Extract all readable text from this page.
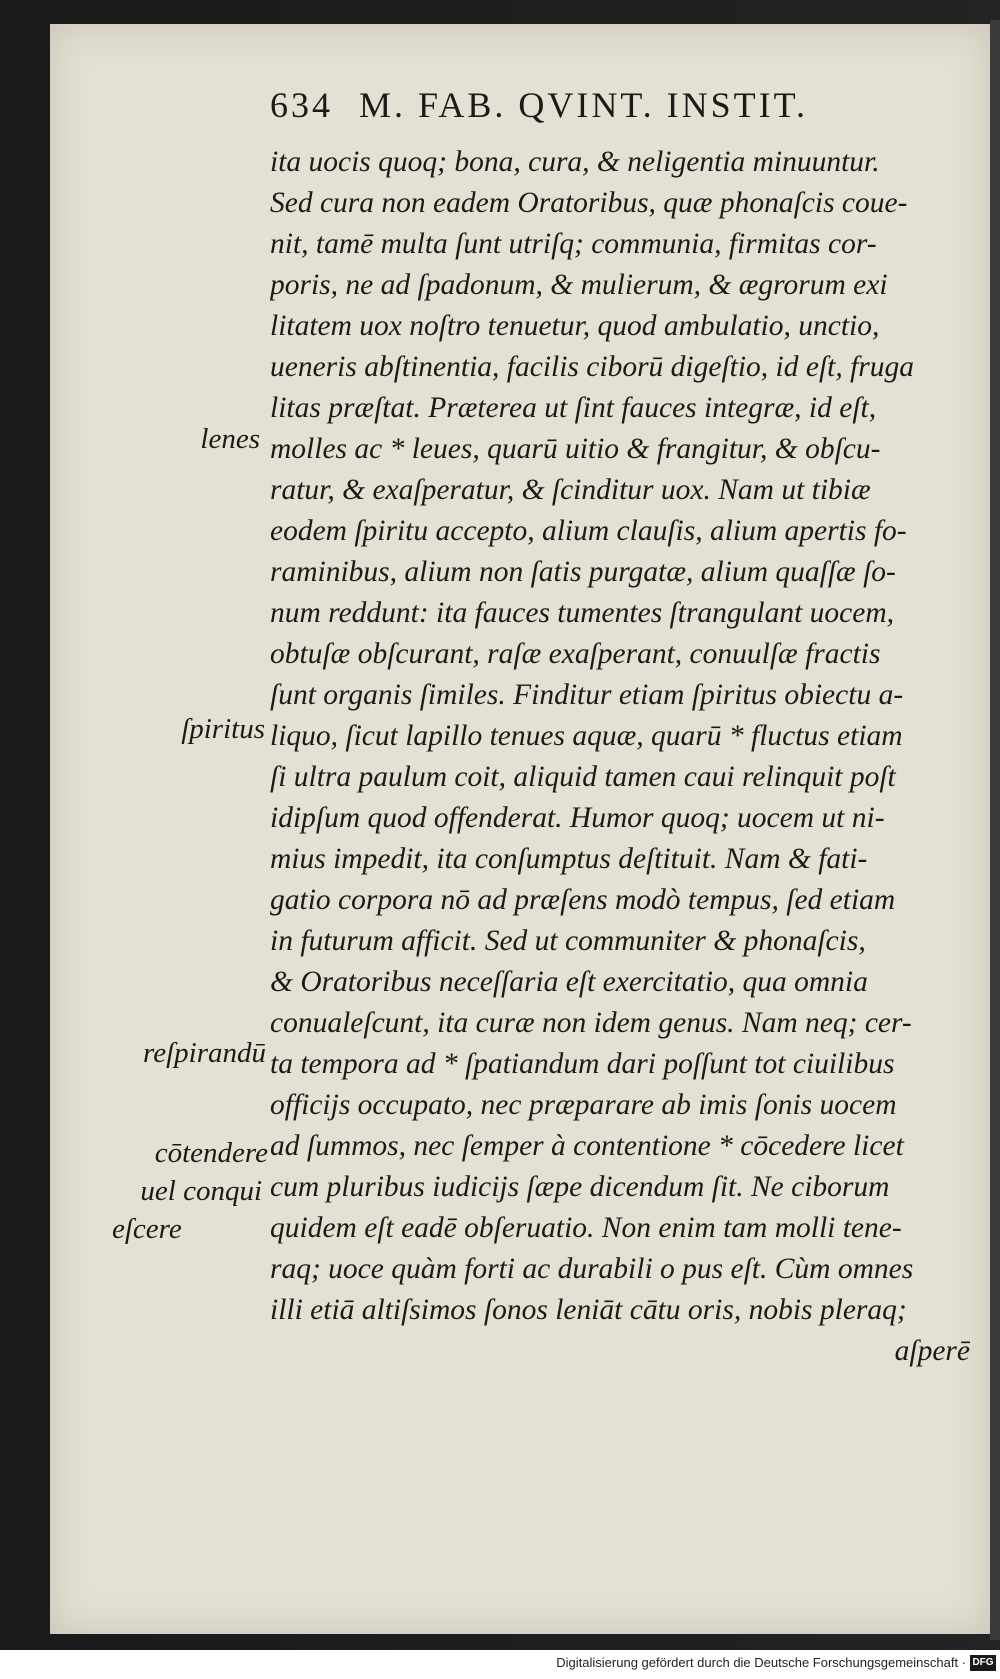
634 M. FAB. QVINT. INSTIT.
ita uocis quoq; bona, cura, & neligentia minuuntur.
Sed cura non eadem Oratoribus, quæ phonaſcis coue-
nit, tamē multa ſunt utriſq; communia, firmitas cor-
poris, ne ad ſpadonum, & mulierum, & ægrorum exi
litatem uox noſtro tenuetur, quod ambulatio, unctio,
ueneris abſtinentia, facilis ciborū digeſtio, id eſt, fruga
litas præſtat. Præterea ut ſint fauces integræ, id eſt,
molles ac * leues, quarū uitio & frangitur, & obſcu-
ratur, & exaſperatur, & ſcinditur uox. Nam ut tibiæ
eodem ſpiritu accepto, alium clauſis, alium apertis fo-
raminibus, alium non ſatis purgatæ, alium quaſſæ ſo-
num reddunt: ita fauces tumentes ſtrangulant uocem,
obtuſæ obſcurant, raſæ exaſperant, conuulſæ fractis
ſunt organis ſimiles. Finditur etiam ſpiritus obiectu a-
liquo, ſicut lapillo tenues aquæ, quarū * fluctus etiam
ſi ultra paulum coit, aliquid tamen caui relinquit poſt
idipſum quod offenderat. Humor quoq; uocem ut ni-
mius impedit, ita conſumptus deſtituit. Nam & fati-
gatio corpora nō ad præſens modò tempus, ſed etiam
in futurum afficit. Sed ut communiter & phonaſcis,
& Oratoribus neceſſaria eſt exercitatio, qua omnia
conualeſcunt, ita curæ non idem genus. Nam neq; cer-
ta tempora ad * ſpatiandum dari poſſunt tot ciuilibus
officijs occupato, nec præparare ab imis ſonis uocem
ad ſummos, nec ſemper à contentione * cōcedere licet
cum pluribus iudicijs ſæpe dicendum ſit. Ne ciborum
quidem eſt eadē obſeruatio. Non enim tam molli tene-
raq; uoce quàm forti ac durabili o pus eſt. Cùm omnes
illi etiā altiſsimos ſonos leniāt cātu oris, nobis pleraq;
aſperē
lenes
ſpiritus
reſpirandū
cōtendere
uel conqui
eſcere
Digitalisierung gefördert durch die Deutsche Forschungsgemeinschaft · DFG
